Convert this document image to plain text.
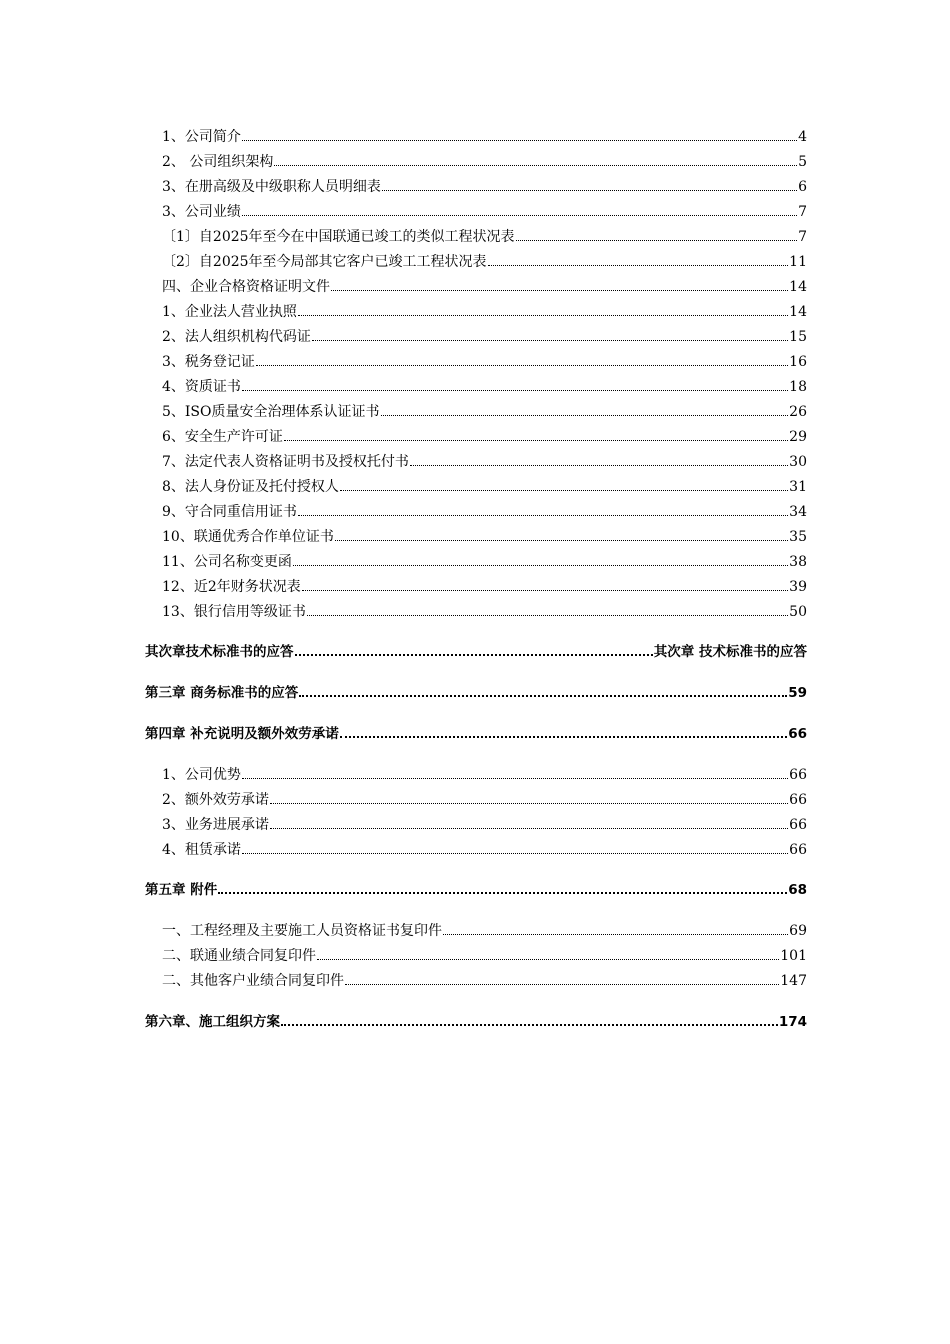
1、公司简介	4
2、 公司组织架构	5
3、在册高级及中级职称人员明细表	6
3、公司业绩	7
〔1〕自2025年至今在中国联通已竣工的类似工程状况表	7
〔2〕自2025年至今局部其它客户已竣工工程状况表	11
四、企业合格资格证明文件	14
1、企业法人营业执照	14
2、法人组织机构代码证	15
3、税务登记证	16
4、资质证书	18
5、ISO质量安全治理体系认证证书	26
6、安全生产许可证	29
7、法定代表人资格证明书及授权托付书	30
8、法人身份证及托付授权人	31
9、守合同重信用证书	34
10、联通优秀合作单位证书	35
11、公司名称变更函	38
12、近2年财务状况表	39
13、银行信用等级证书	50
其次章技术标准书的应答	其次章 技术标准书的应答
第三章 商务标准书的应答	59
第四章 补充说明及额外效劳承诺	66
1、公司优势	66
2、额外效劳承诺	66
3、业务进展承诺	66
4、租赁承诺	66
第五章 附件	68
一、工程经理及主要施工人员资格证书复印件	69
二、联通业绩合同复印件	101
二、其他客户业绩合同复印件	147
第六章、施工组织方案	174
